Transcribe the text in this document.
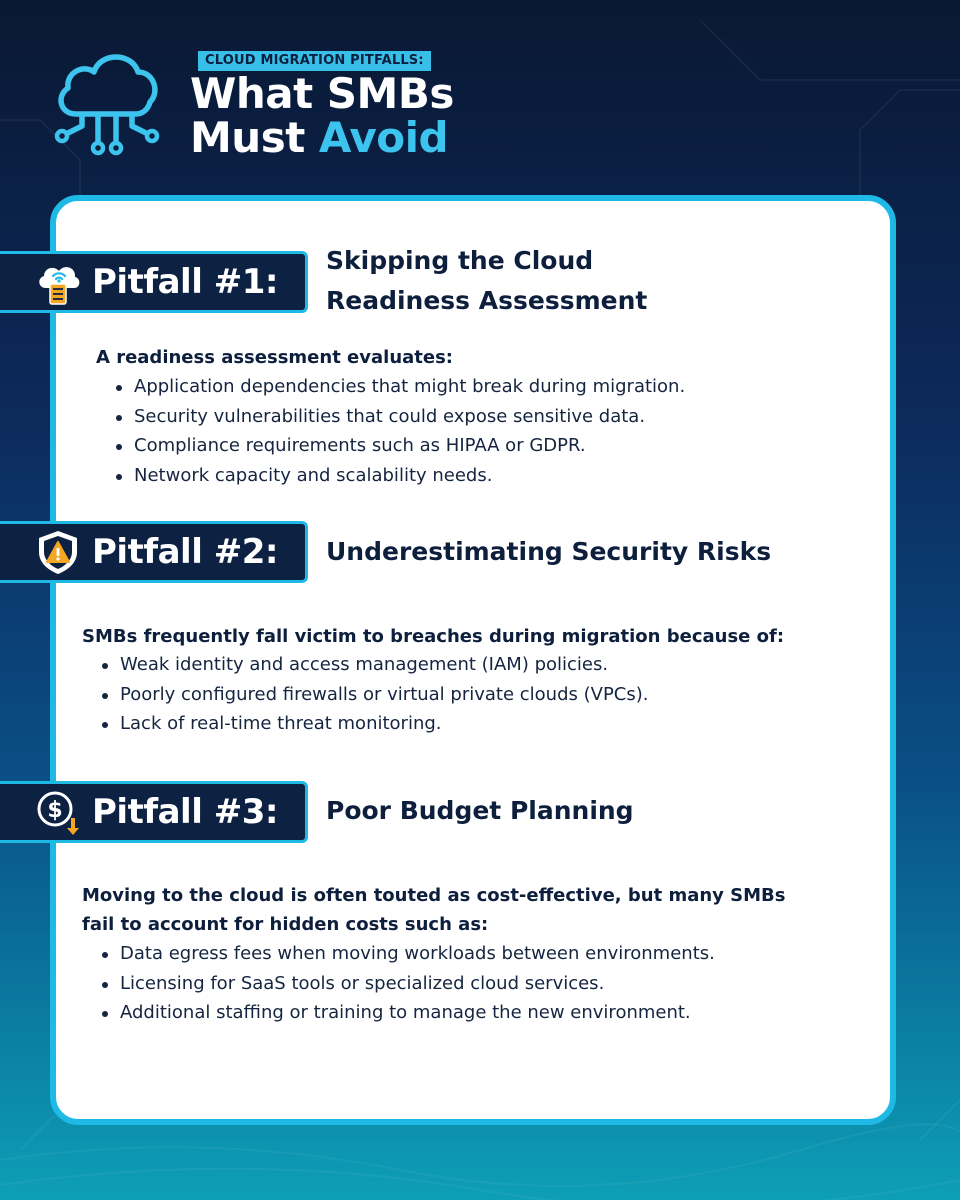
CLOUD MIGRATION PITFALLS:
What SMBs
Must Avoid
Pitfall #1:
Skipping the Cloud
Readiness Assessment

A readiness assessment evaluates:

Application dependencies that might break during migration.
Security vulnerabilities that could expose sensitive data.
Compliance requirements such as HIPAA or GDPR.
Network capacity and scalability needs.
Pitfall #2: Underestimating Security Risks

SMBs frequently fall victim to breaches during migration because of:

Weak identity and access management (IAM) policies.
Poorly configured firewalls or virtual private clouds (VPCs).
Lack of real-time threat monitoring.
$ Pitfall #3: Poor Budget Planning

Moving to the cloud is often touted as cost-effective, but many SMBs
fail to account for hidden costs such as:

Data egress fees when moving workloads between environments.
Licensing for SaaS tools or specialized cloud services.
Additional staffing or training to manage the new environment.
